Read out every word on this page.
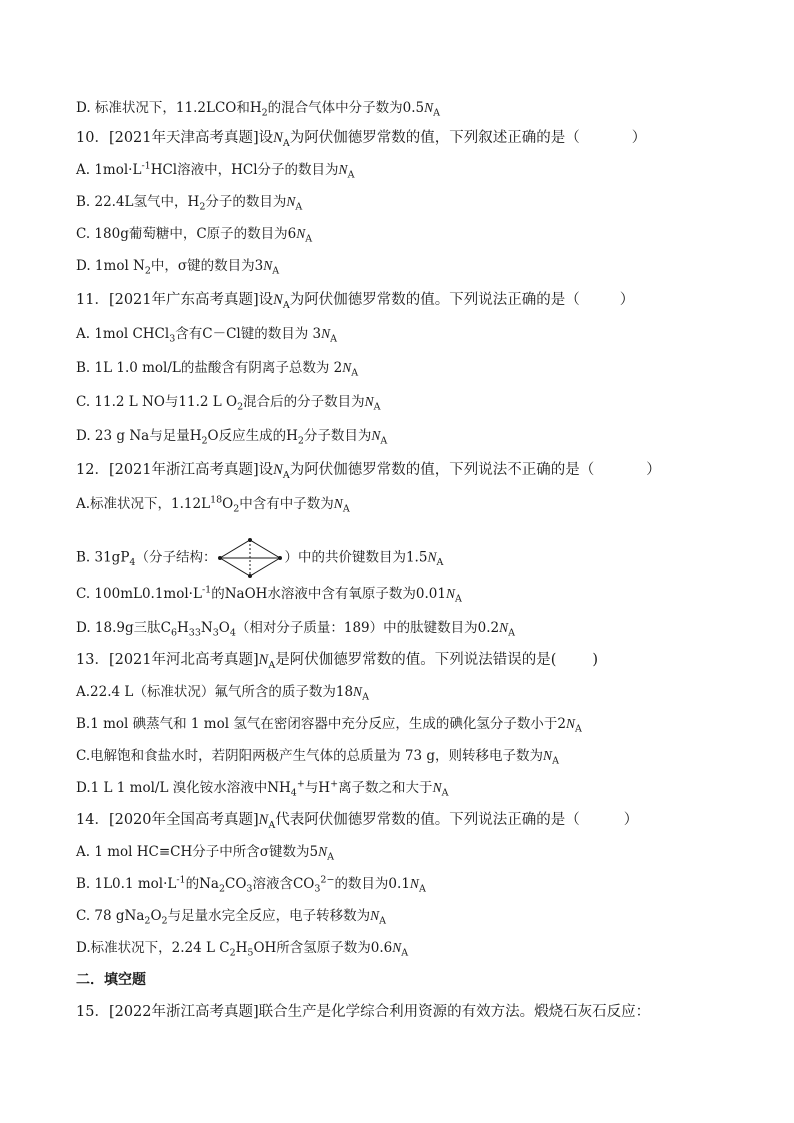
D. 标准状况下，11.2LCO和$H_2$的混合气体中分子数为$0.5N_A$
10．[2021年天津高考真题]设$N_A$为阿伏伽德罗常数的值，下列叙述正确的是（	）
A. $1mol\cdot L^{-1}HCl$溶液中，HCl分子的数目为$N_A$
B. 22.4L氢气中，$H_2$分子的数目为$N_A$
C. 180g葡萄糖中，C原子的数目为$6N_A$
D. 1mol $N_2$中，σ键的数目为$3N_A$
11．[2021年广东高考真题]设$N_A$为阿伏伽德罗常数的值。下列说法正确的是（	）
A. 1mol CHCl$_3$含有C－Cl键的数目为 $3N_A$
B. 1L 1.0 mol/L的盐酸含有阴离子总数为 $2N_A$
C. 11.2 L NO与11.2 L $O_2$混合后的分子数目为$N_A$
D. 23 g Na与足量$H_2O$反应生成的$H_2$分子数目为$N_A$
12．[2021年浙江高考真题]设$N_A$为阿伏伽德罗常数的值，下列说法不正确的是（	）
A.标准状况下，$1.12L^{18}O_2$中含有中子数为$N_A$
B. $31gP_4$（分子结构：	）中的共价键数目为$1.5N_A$
C. $100mL0.1mol\cdot L^{-1}$的NaOH水溶液中含有氧原子数为$0.01N_A$
D. 18.9g三肽$C_6H_{33}N_3O_4$（相对分子质量：189）中的肽键数目为$0.2N_A$
13．[2021年河北高考真题]$N_A$是阿伏伽德罗常数的值。下列说法错误的是( )
A.22.4 L（标准状况）氟气所含的质子数为$18N_A$
B.1 mol 碘蒸气和 1 mol 氢气在密闭容器中充分反应，生成的碘化氢分子数小于$2N_A$
C.电解饱和食盐水时，若阴阳两极产生气体的总质量为 73 g，则转移电子数为$N_A$
D.1 L 1 mol/L 溴化铵水溶液中$NH_4^+$与H+离子数之和大于$N_A$
14．[2020年全国高考真题]$N_A$代表阿伏伽德罗常数的值。下列说法正确的是（	）
A. 1 mol HC≡CH分子中所含σ键数为$5N_A$
B. 1L0.1 $mol\cdot L^{-1}$的$Na_2CO_3$溶液含$CO_3^{2-}$的数目为$0.1N_A$
C. 78 $gNa_2O_2$与足量水完全反应，电子转移数为$N_A$
D.标准状况下，2.24 L $C_2H_5OH$所含氢原子数为$0.6N_A$
二．填空题
15．[2022年浙江高考真题]联合生产是化学综合利用资源的有效方法。煅烧石灰石反应：
